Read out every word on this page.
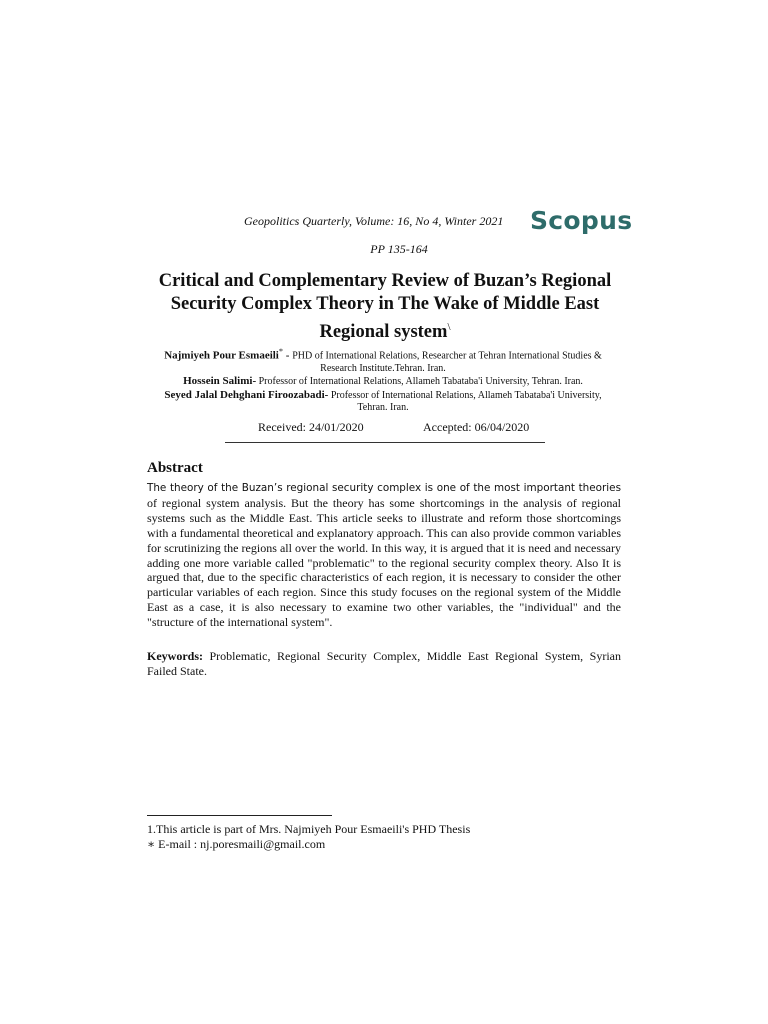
Geopolitics Quarterly, Volume: 16, No 4, Winter 2021 Scopus
PP 135-164
Critical and Complementary Review of Buzan’s Regional
Security Complex Theory in The Wake of Middle East
Regional system\
Najmiyeh Pour Esmaeili* - PHD of International Relations, Researcher at Tehran International Studies &
Research Institute.Tehran. Iran.
Hossein Salimi- Professor of International Relations, Allameh Tabataba'i University, Tehran. Iran.
Seyed Jalal Dehghani Firoozabadi- Professor of International Relations, Allameh Tabataba'i University,
Tehran. Iran.
Received: 24/01/2020	Accepted: 06/04/2020
Abstract
The theory of the Buzan’s regional security complex is one of the most important theories of regional system analysis. But the theory has some shortcomings in the analysis of regional systems such as the Middle East. This article seeks to illustrate and reform those shortcomings with a fundamental theoretical and explanatory approach. This can also provide common variables for scrutinizing the regions all over the world. In this way, it is argued that it is need and necessary adding one more variable called "problematic" to the regional security complex theory. Also It is argued that, due to the specific characteristics of each region, it is necessary to consider the other particular variables of each region. Since this study focuses on the regional system of the Middle East as a case, it is also necessary to examine two other variables, the "individual" and the "structure of the international system".
Keywords: Problematic, Regional Security Complex, Middle East Regional System, Syrian Failed State.
1.This article is part of Mrs. Najmiyeh Pour Esmaeili's PHD Thesis
∗ E-mail : nj.poresmaili@gmail.com
